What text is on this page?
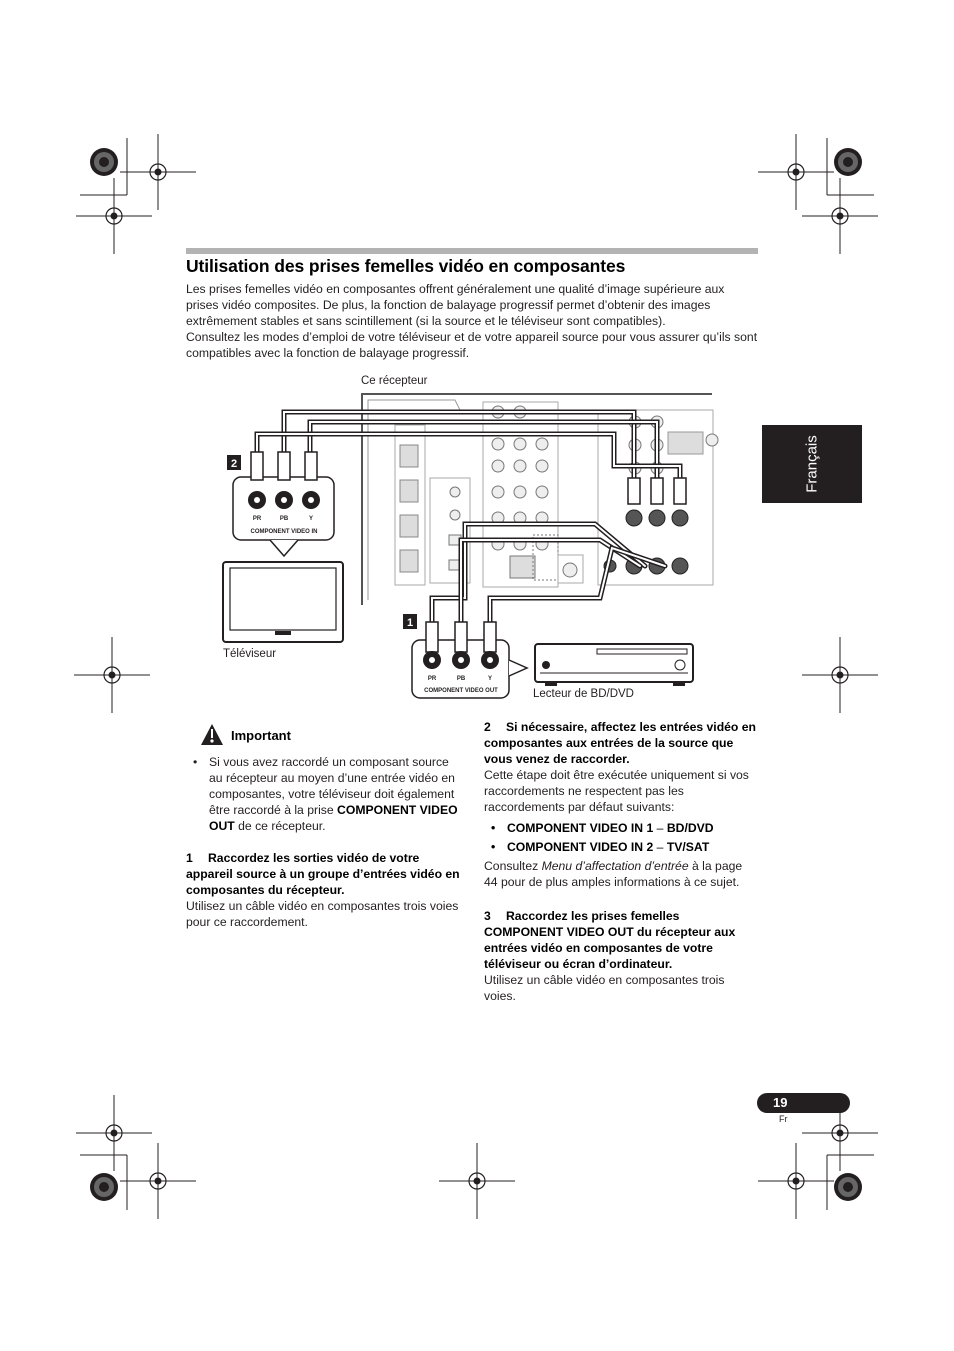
Utilisation des prises femelles vidéo en composantes

Les prises femelles vidéo en composantes offrent généralement une qualité d’image supérieure aux prises vidéo composites. De plus, la fonction de balayage progressif permet d’obtenir des images extrêmement stables et sans scintillement (si la source et le téléviseur sont compatibles).

Consultez les modes d’emploi de votre téléviseur et de votre appareil source pour vous assurer qu’ils sont compatibles avec la fonction de balayage progressif.

Français
Ce récepteur
Téléviseur
Lecteur de BD/DVD
2
1
PR	PB	Y
COMPONENT VIDEO IN
PR	PB	Y
COMPONENT VIDEO OUT
Important
• Si vous avez raccordé un composant source au récepteur au moyen d’une entrée vidéo en composantes, votre téléviseur doit également être raccordé à la prise COMPONENT VIDEO OUT de ce récepteur.

1 Raccordez les sorties vidéo de votre appareil source à un groupe d’entrées vidéo en composantes du récepteur.

Utilisez un câble vidéo en composantes trois voies pour ce raccordement.

2 Si nécessaire, affectez les entrées vidéo en composantes aux entrées de la source que vous venez de raccorder.

Cette étape doit être exécutée uniquement si vos raccordements ne respectent pas les raccordements par défaut suivants:

• COMPONENT VIDEO IN 1 – BD/DVD
• COMPONENT VIDEO IN 2 – TV/SAT

Consultez Menu d’affectation d’entrée à la page 44 pour de plus amples informations à ce sujet.

3 Raccordez les prises femelles COMPONENT VIDEO OUT du récepteur aux entrées vidéo en composantes de votre téléviseur ou écran d’ordinateur.

Utilisez un câble vidéo en composantes trois voies.

19
Fr
